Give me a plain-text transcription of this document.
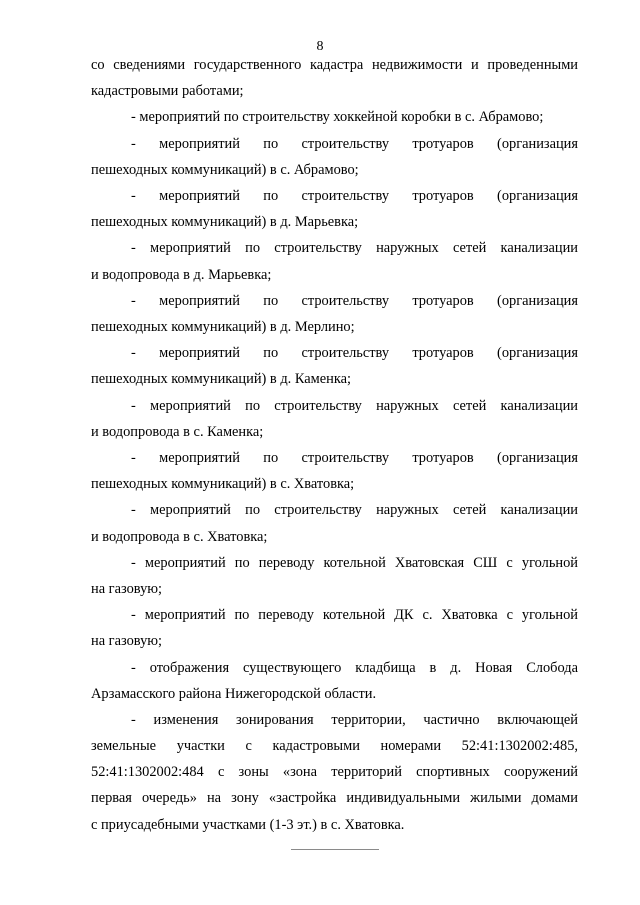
8

со сведениями государственного кадастра недвижимости и проведенными
кадастровыми работами;

- мероприятий по строительству хоккейной коробки в с. Абрамово;

- мероприятий по строительству тротуаров (организация
пешеходных коммуникаций) в с. Абрамово;

- мероприятий по строительству тротуаров (организация
пешеходных коммуникаций) в д. Марьевка;

- мероприятий по строительству наружных сетей канализации
и водопровода в д. Марьевка;

- мероприятий по строительству тротуаров (организация
пешеходных коммуникаций) в д. Мерлино;

- мероприятий по строительству тротуаров (организация
пешеходных коммуникаций) в д. Каменка;

- мероприятий по строительству наружных сетей канализации
и водопровода в с. Каменка;

- мероприятий по строительству тротуаров (организация
пешеходных коммуникаций) в с. Хватовка;

- мероприятий по строительству наружных сетей канализации
и водопровода в с. Хватовка;

- мероприятий по переводу котельной Хватовская СШ с угольной
на газовую;

- мероприятий по переводу котельной ДК с. Хватовка с угольной
на газовую;

- отображения существующего кладбища в д. Новая Слобода
Арзамасского района Нижегородской области.

- изменения зонирования территории, частично включающей
земельные участки с кадастровыми номерами 52:41:1302002:485,
52:41:1302002:484 с зоны «зона территорий спортивных сооружений
первая очередь» на зону «застройка индивидуальными жилыми домами
с приусадебными участками (1-3 эт.) в с. Хватовка.
